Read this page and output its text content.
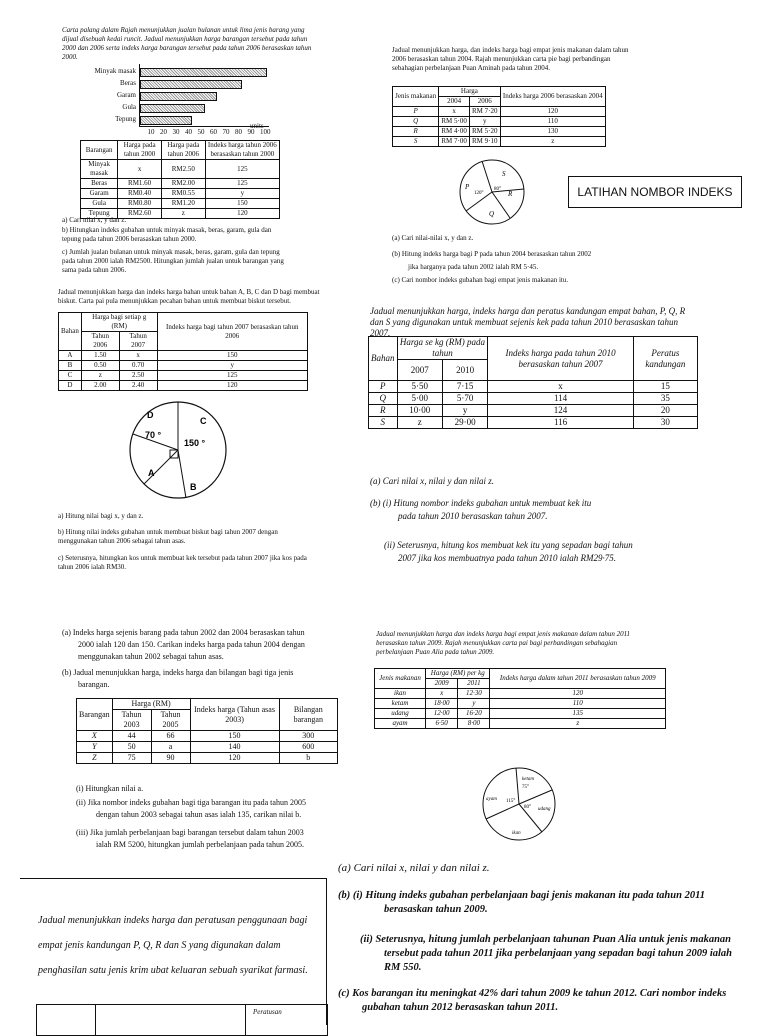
Carta palang dalam Rajah menunjukkan jualan bulanan untuk lima jenis barang yang dijual disebuah kedai runcit. Jadual menunjukkan harga barangan tersebut pada tahun 2000 dan 2006 serta indeks harga barangan tersebut pada tahun 2006 berasaskan tahun 2000.
Minyak masak
Beras
Garam
Gula
Tepung
10 20 30 40 50 60 70 80 90 100
units
Barangan	Harga pada tahun 2000	Harga pada tahun 2006	Indeks harga tahun 2006 berasaskan tahun 2000
Minyak masak	x	RM2.50	125
Beras	RM1.60	RM2.00	125
Garam	RM0.40	RM0.55	y
Gula	RM0.80	RM1.20	150
Tepung	RM2.60	z	120
a) Cari nilai x, y dan z.
b) Hitungkan indeks gubahan untuk minyak masak, beras, garam, gula dan tepung pada tahun 2006 berasaskan tahun 2000.
c) Jumlah jualan bulanan untuk minyak masak, beras, garam, gula dan tepung pada tahun 2000 ialah RM2500. Hitungkan jumlah jualan untuk barangan yang sama pada tahun 2006.
Jadual menunjukkan harga, dan indeks harga bagi empat jenis makanan dalam tahun 2006 berasaskan tahun 2004. Rajah menunjukkan carta pie bagi perbandingan sebahagian perbelanjaan Puan Aminah pada tahun 2004.
Jenis makanan	Harga		Indeks harga 2006 berasaskan 2004
	2004	2006	
P	x	RM 7·20	120
Q	RM 5·00	y	110
R	RM 4·00	RM 5·20	130
S	RM 7·00	RM 9·10	z
S
P
R
Q
120°
80°	LATIHAN NOMBOR INDEKS
(a) Cari nilai-nilai x, y dan z.
(b) Hitung indeks harga bagi P pada tahun 2004 berasaskan tahun 2002
jika harganya pada tahun 2002 ialah RM 5·45.
(c) Cari nombor indeks gubahan bagi empat jenis makanan itu.
Jadual menunjukkan harga dan indeks harga bahan untuk bahan A, B, C dan D bagi membuat biskut. Carta pai pula menunjukkan pecahan bahan untuk membuat biskut tersebut.
Bahan	Harga bagi setiap g (RM)		Indeks harga bagi tahun 2007 berasaskan tahun 2006
	Tahun 2006	Tahun 2007	
A	1.50	x	150
B	0.50	0.70	y
C	z	2.50	125
D	2.00	2.40	120
D
C
A
B
70 °
150 °
a) Hitung nilai bagi x, y dan z.
b) Hitung nilai indeks gubahan untuk membuat biskut bagi tahun 2007 dengan menggunakan tahun 2006 sebagai tahun asas.
c) Seterusnya, hitungkan kos untuk membuat kek tersebut pada tahun 2007 jika kos pada tahun 2006 ialah RM30.
Jadual menunjukkan harga, indeks harga dan peratus kandungan empat bahan, P, Q, R dan S yang digunakan untuk membuat sejenis kek pada tahun 2010 berasaskan tahun 2007.
Bahan	Harga se kg (RM) pada tahun		Indeks harga pada tahun 2010 berasaskan tahun 2007	Peratus kandungan
	2007	2010		
P	5·50	7·15	x	15
Q	5·00	5·70	114	35
R	10·00	y	124	20
S	z	29·00	116	30
(a) Cari nilai x, nilai y dan nilai z.
(b) (i) Hitung nombor indeks gubahan untuk membuat kek itu
pada tahun 2010 berasaskan tahun 2007.
(ii) Seterusnya, hitung kos membuat kek itu yang sepadan bagi tahun
2007 jika kos membuatnya pada tahun 2010 ialah RM29·75.
(a) Indeks harga sejenis barang pada tahun 2002 dan 2004 berasaskan tahun
2000 ialah 120 dan 150. Carikan indeks harga pada tahun 2004 dengan
menggunakan tahun 2002 sebagai tahun asas.
(b) Jadual menunjukkan harga, indeks harga dan bilangan bagi tiga jenis
barangan.
Barangan	Harga (RM)		Indeks harga (Tahun asas 2003)	Bilangan barangan
	Tahun 2003	Tahun 2005		
X	44	66	150	300
Y	50	a	140	600
Z	75	90	120	b
(i) Hitungkan nilai a.
(ii) Jika nombor indeks gubahan bagi tiga barangan itu pada tahun 2005
dengan tahun 2003 sebagai tahun asas ialah 135, carikan nilai b.
(iii) Jika jumlah perbelanjaan bagi barangan tersebut dalam tahun 2003
ialah RM 5200, hitungkan jumlah perbelanjaan pada tahun 2005.
Jadual menunjukkan harga dan indeks harga bagi empat jenis makanan dalam tahun 2011 berasaskan tahun 2009. Rajah menunjukkan carta pai bagi perbandingan sebahagian perbelanjaan Puan Alia pada tahun 2009.
Jenis makanan	Harga (RM) per kg		Indeks harga dalam tahun 2011 berasaskan tahun 2009
	2009	2011	
ikan	x	12·30	120
ketam	18·00	y	110
udang	12·00	16·20	135
ayam	6·50	8·00	z
ketam
ayam
udang
ikan
75°
115°
80°
(a) Cari nilai x, nilai y dan nilai z.
(b) (i) Hitung indeks gubahan perbelanjaan bagi jenis makanan itu pada tahun 2011
berasaskan tahun 2009.
(ii) Seterusnya, hitung jumlah perbelanjaan tahunan Puan Alia untuk jenis makanan
tersebut pada tahun 2011 jika perbelanjaan yang sepadan bagi tahun 2009 ialah
RM 550.
(c) Kos barangan itu meningkat 42% dari tahun 2009 ke tahun 2012. Cari nombor indeks
gubahan tahun 2012 berasaskan tahun 2011.
Jadual menunjukkan indeks harga dan peratusan penggunaan bagi empat jenis kandungan P, Q, R dan S yang digunakan dalam penghasilan satu jenis krim ubat keluaran sebuah syarikat farmasi.
Peratusan
